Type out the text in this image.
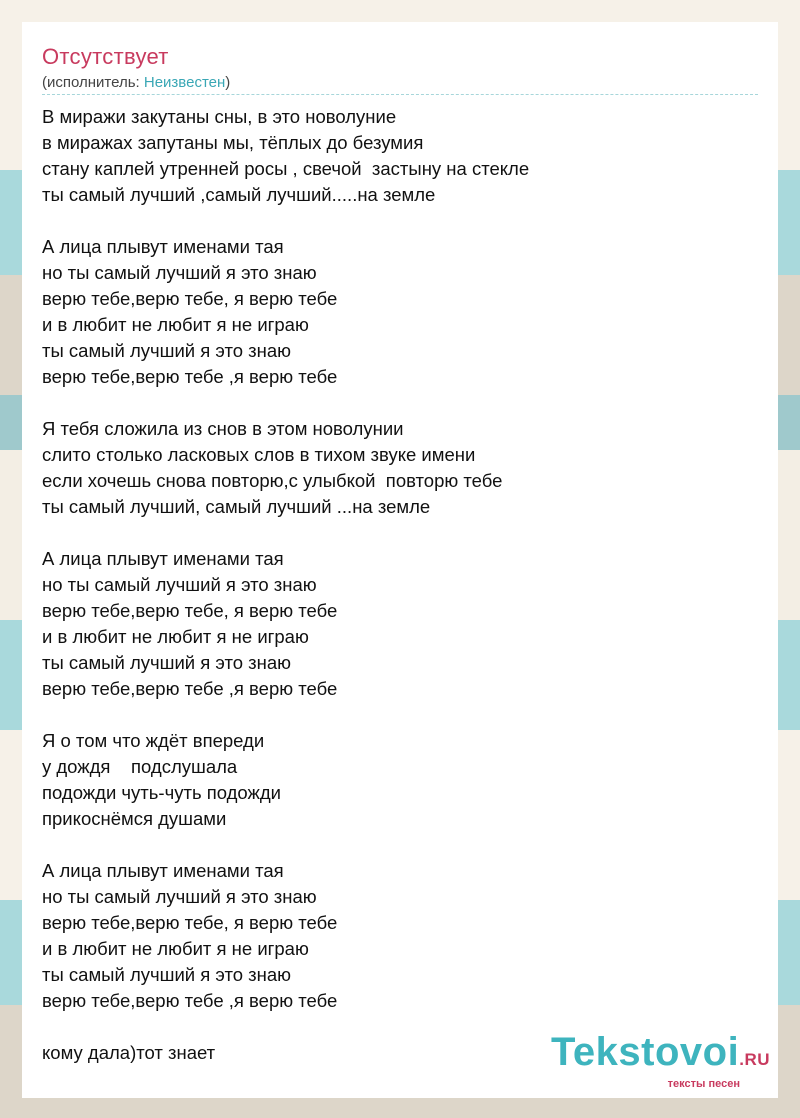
Отсутствует
(исполнитель: Неизвестен)
В миражи закутаны сны, в это новолуние
в миражах запутаны мы, тёплых до безумия
стану каплей утренней росы , свечой  застыну на стекле
ты самый лучший ,самый лучший.....на земле

А лица плывут именами тая
но ты самый лучший я это знаю
верю тебе,верю тебе, я верю тебе
и в любит не любит я не играю
ты самый лучший я это знаю
верю тебе,верю тебе ,я верю тебе

Я тебя сложила из снов в этом новолунии
слито столько ласковых слов в тихом звуке имени
если хочешь снова повторю,с улыбкой  повторю тебе
ты самый лучший, самый лучший ...на земле

А лица плывут именами тая
но ты самый лучший я это знаю
верю тебе,верю тебе, я верю тебе
и в любит не любит я не играю
ты самый лучший я это знаю
верю тебе,верю тебе ,я верю тебе

Я о том что ждёт впереди
у дождя    подслушала
подожди чуть-чуть подожди
прикоснёмся душами

А лица плывут именами тая
но ты самый лучший я это знаю
верю тебе,верю тебе, я верю тебе
и в любит не любит я не играю
ты самый лучший я это знаю
верю тебе,верю тебе ,я верю тебе

кому дала)тот знает	Tekstovoi.RU
тексты песен
